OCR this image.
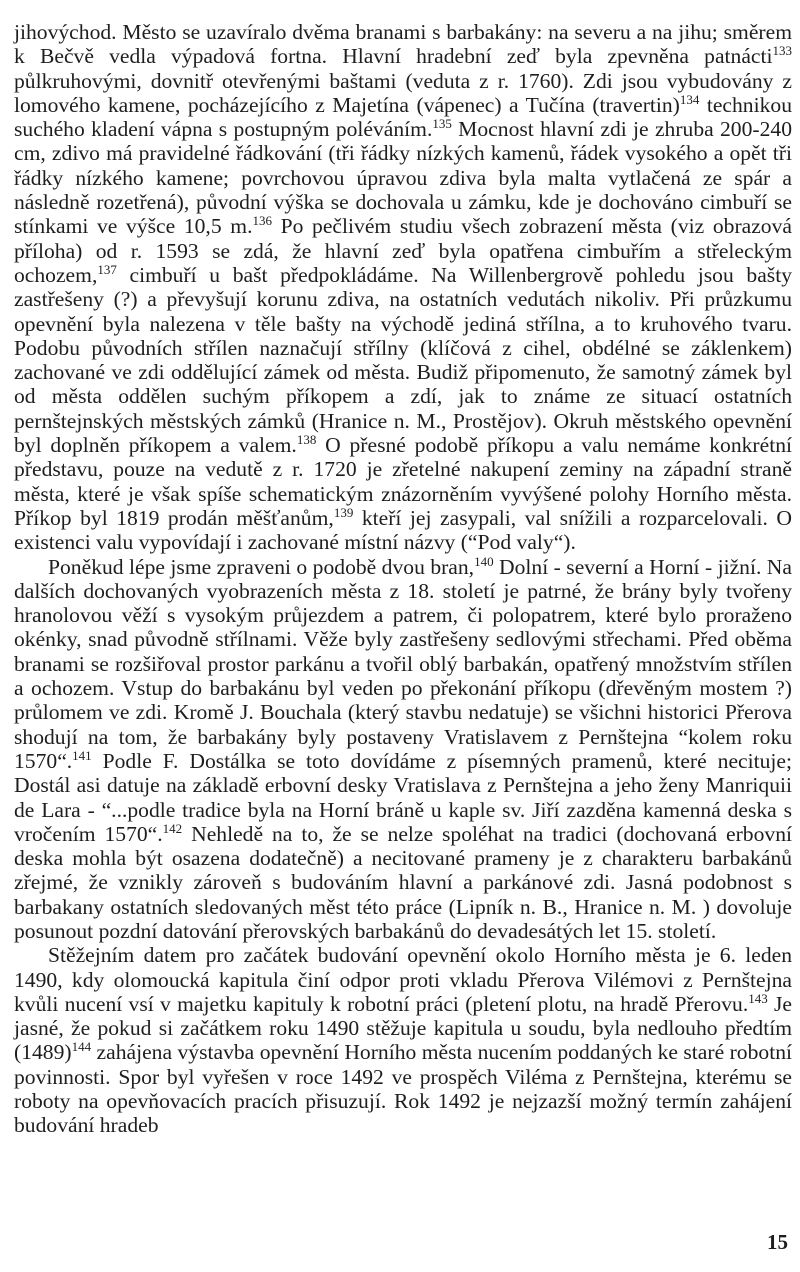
jihovýchod. Město se uzavíralo dvěma branami s barbakány: na severu a na jihu; směrem k Bečvě vedla výpadová fortna. Hlavní hradební zeď byla zpevněna patnácti$^{133}$ půlkruhovými, dovnitř otevřenými baštami (veduta z r. 1760). Zdi jsou vybudovány z lomového kamene, pocházejícího z Majetína (vápenec) a Tučína (travertin)$^{134}$ technikou suchého kladení vápna s postupným poléváním.$^{135}$ Mocnost hlavní zdi je zhruba 200-240 cm, zdivo má pravidelné řádkování (tři řádky nízkých kamenů, řádek vysokého a opět tři řádky nízkého kamene; povrchovou úpravou zdiva byla malta vytlačená ze spár a následně rozetřená), původní výška se dochovala u zámku, kde je dochováno cimbuří se stínkami ve výšce 10,5 m.$^{136}$ Po pečlivém studiu všech zobrazení města (viz obrazová příloha) od r. 1593 se zdá, že hlavní zeď byla opatřena cimbuřím a střeleckým ochozem,$^{137}$ cimbuří u bašt předpokládáme. Na Willenbergrově pohledu jsou bašty zastřešeny (?) a převyšují korunu zdiva, na ostatních vedutách nikoliv. Při průzkumu opevnění byla nalezena v těle bašty na východě jediná střílna, a to kruhového tvaru. Podobu původních střílen naznačují střílny (klíčová z cihel, obdélné se záklenkem) zachované ve zdi oddělující zámek od města. Budiž připomenuto, že samotný zámek byl od města oddělen suchým příkopem a zdí, jak to známe ze situací ostatních pernštejnských městských zámků (Hranice n. M., Prostějov). Okruh městského opevnění byl doplněn příkopem a valem.$^{138}$ O přesné podobě příkopu a valu nemáme konkrétní představu, pouze na vedutě z r. 1720 je zřetelné nakupení zeminy na západní straně města, které je však spíše schematickým znázorněním vyvýšené polohy Horního města. Příkop byl 1819 prodán měšťanům,$^{139}$ kteří jej zasypali, val snížili a rozparcelovali. O existenci valu vypovídají i zachované místní názvy (“Pod valy“).

Poněkud lépe jsme zpraveni o podobě dvou bran,$^{140}$ Dolní - severní a Horní - jižní. Na dalších dochovaných vyobrazeních města z 18. století je patrné, že brány byly tvořeny hranolovou věží s vysokým průjezdem a patrem, či polopatrem, které bylo proraženo okénky, snad původně střílnami. Věže byly zastřešeny sedlovými střechami. Před oběma branami se rozšiřoval prostor parkánu a tvořil oblý barbakán, opatřený množstvím střílen a ochozem. Vstup do barbakánu byl veden po překonání příkopu (dřevěným mostem ?) průlomem ve zdi. Kromě J. Bouchala (který stavbu nedatuje) se všichni historici Přerova shodují na tom, že barbakány byly postaveny Vratislavem z Pernštejna “kolem roku 1570“.$^{141}$ Podle F. Dostálka se toto dovídáme z písemných pramenů, které necituje; Dostál asi datuje na základě erbovní desky Vratislava z Pernštejna a jeho ženy Manriquii de Lara - “...podle tradice byla na Horní bráně u kaple sv. Jiří zazděna kamenná deska s vročením 1570“.$^{142}$ Nehledě na to, že se nelze spoléhat na tradici (dochovaná erbovní deska mohla být osazena dodatečně) a necitované prameny je z charakteru barbakánů zřejmé, že vznikly zároveň s budováním hlavní a parkánové zdi. Jasná podobnost s barbakany ostatních sledovaných měst této práce (Lipník n. B., Hranice n. M. ) dovoluje posunout pozdní datování přerovských barbakánů do devadesátých let 15. století.

Stěžejním datem pro začátek budování opevnění okolo Horního města je 6. leden 1490, kdy olomoucká kapitula činí odpor proti vkladu Přerova Vilémovi z Pernštejna kvůli nucení vsí v majetku kapituly k robotní práci (pletení plotu, na hradě Přerovu.$^{143}$ Je jasné, že pokud si začátkem roku 1490 stěžuje kapitula u soudu, byla nedlouho předtím $(1489)^{144}$ zahájena výstavba opevnění Horního města nucením poddaných ke staré robotní povinnosti. Spor byl vyřešen v roce 1492 ve prospěch Viléma z Pernštejna, kterému se roboty na opevňovacích pracích přisuzují. Rok 1492 je nejzazší možný termín zahájení budování hradeb

15
